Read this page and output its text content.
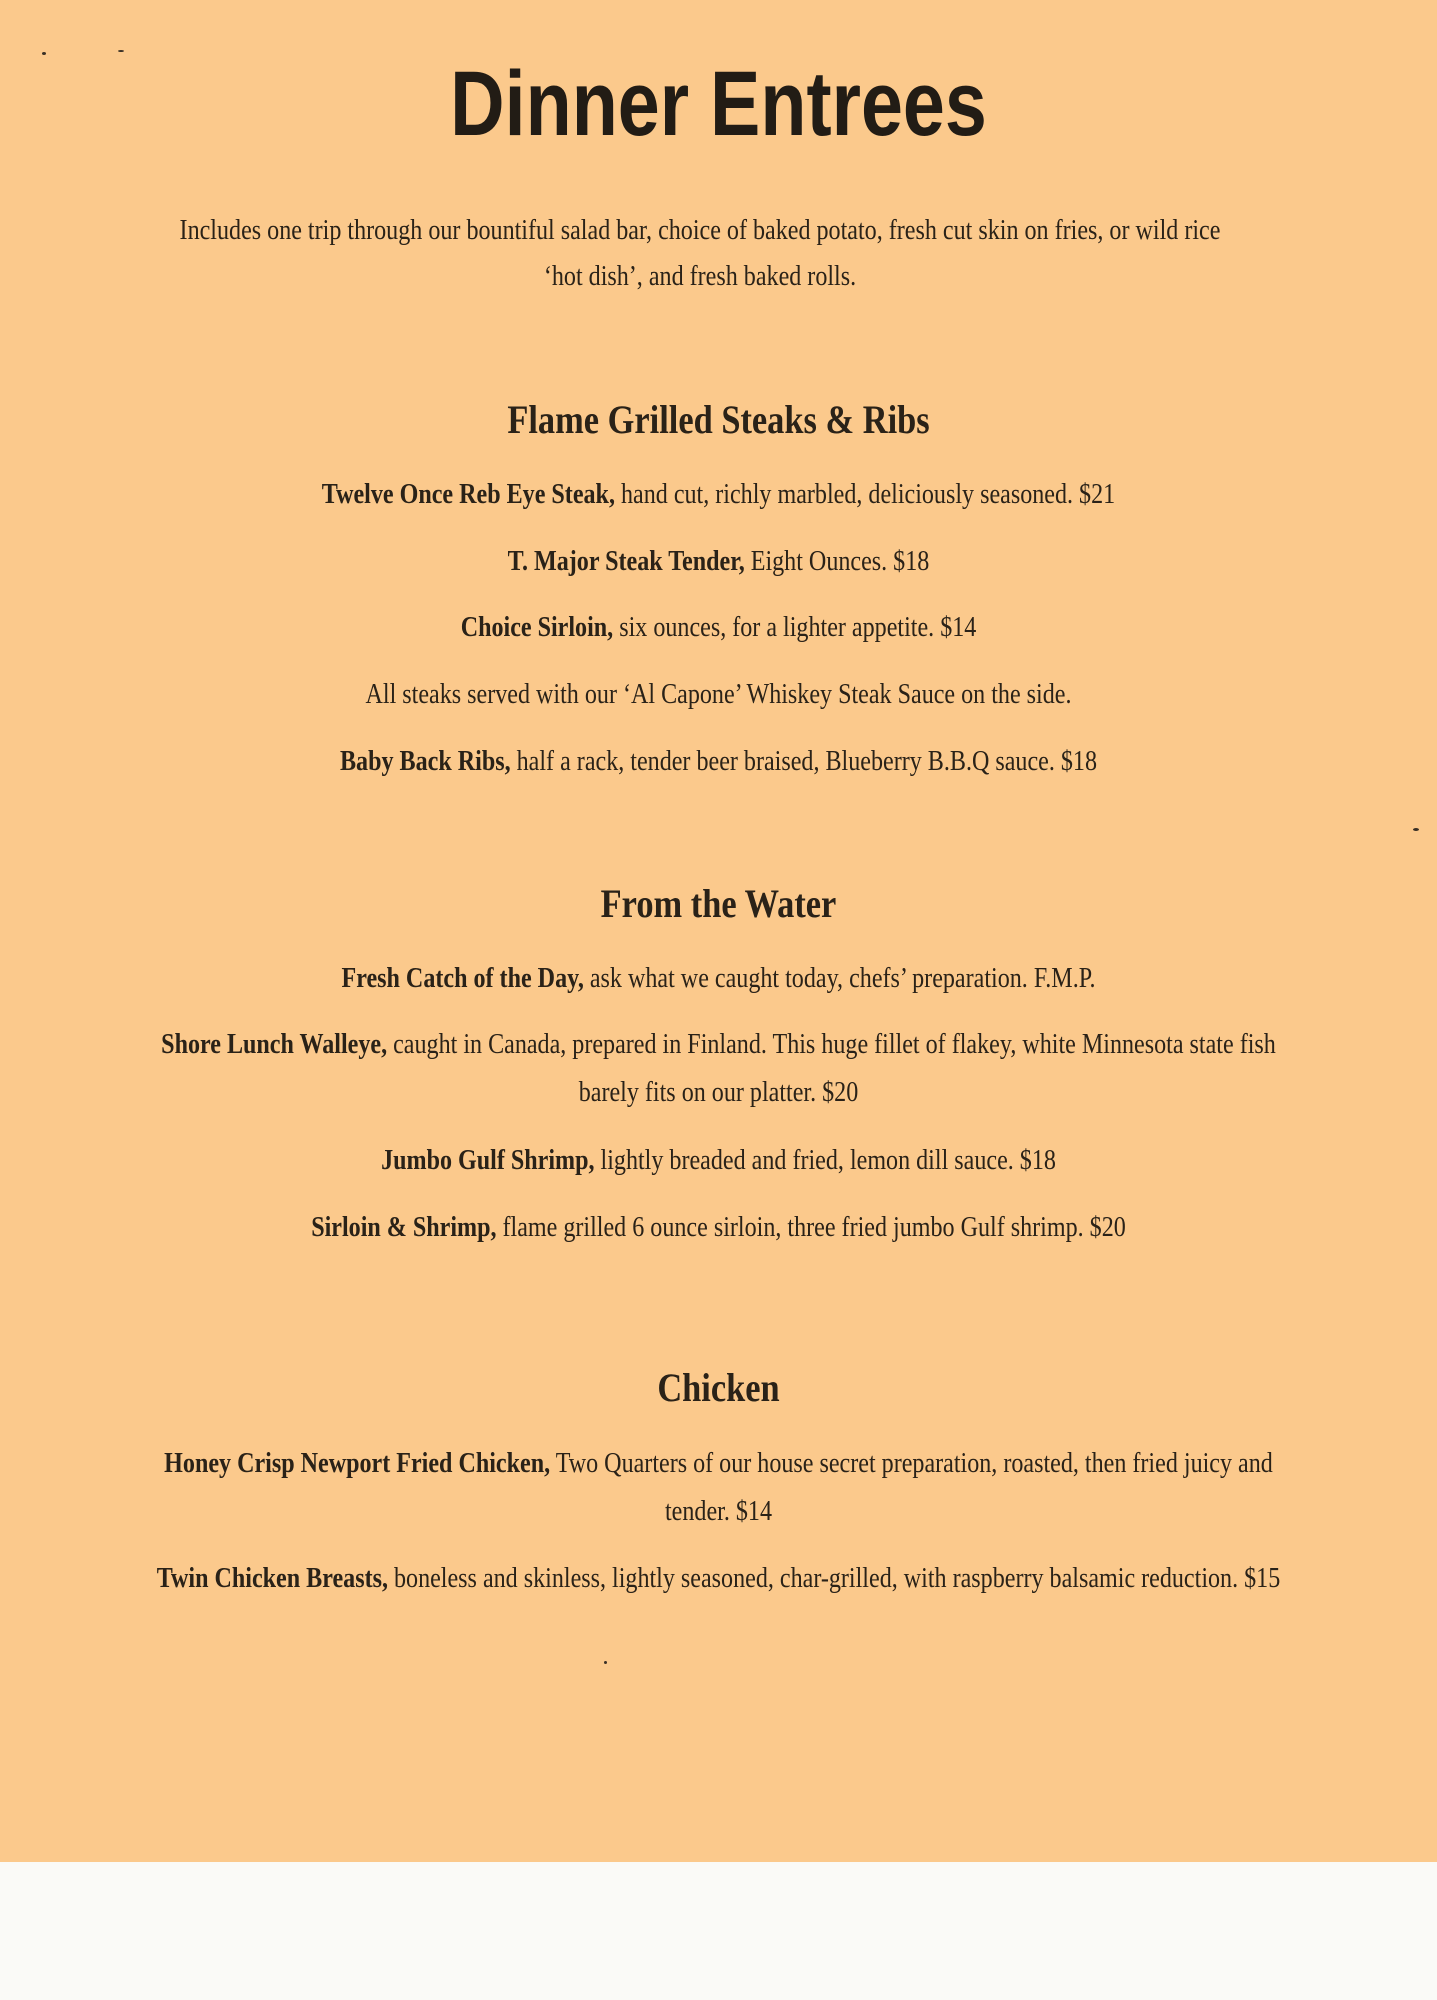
Dinner Entrees
Includes one trip through our bountiful salad bar, choice of baked potato, fresh cut skin on fries, or wild rice ‘hot dish’, and fresh baked rolls.
Flame Grilled Steaks & Ribs
Twelve Once Reb Eye Steak, hand cut, richly marbled, deliciously seasoned. $21
T. Major Steak Tender, Eight Ounces. $18
Choice Sirloin, six ounces, for a lighter appetite. $14
All steaks served with our ‘Al Capone’ Whiskey Steak Sauce on the side.
Baby Back Ribs, half a rack, tender beer braised, Blueberry B.B.Q sauce. $18
From the Water
Fresh Catch of the Day, ask what we caught today, chefs’ preparation. F.M.P.
Shore Lunch Walleye, caught in Canada, prepared in Finland. This huge fillet of flakey, white Minnesota state fish barely fits on our platter. $20
Jumbo Gulf Shrimp, lightly breaded and fried, lemon dill sauce. $18
Sirloin & Shrimp, flame grilled 6 ounce sirloin, three fried jumbo Gulf shrimp. $20
Chicken
Honey Crisp Newport Fried Chicken, Two Quarters of our house secret preparation, roasted, then fried juicy and tender. $14
Twin Chicken Breasts, boneless and skinless, lightly seasoned, char-grilled, with raspberry balsamic reduction. $15
